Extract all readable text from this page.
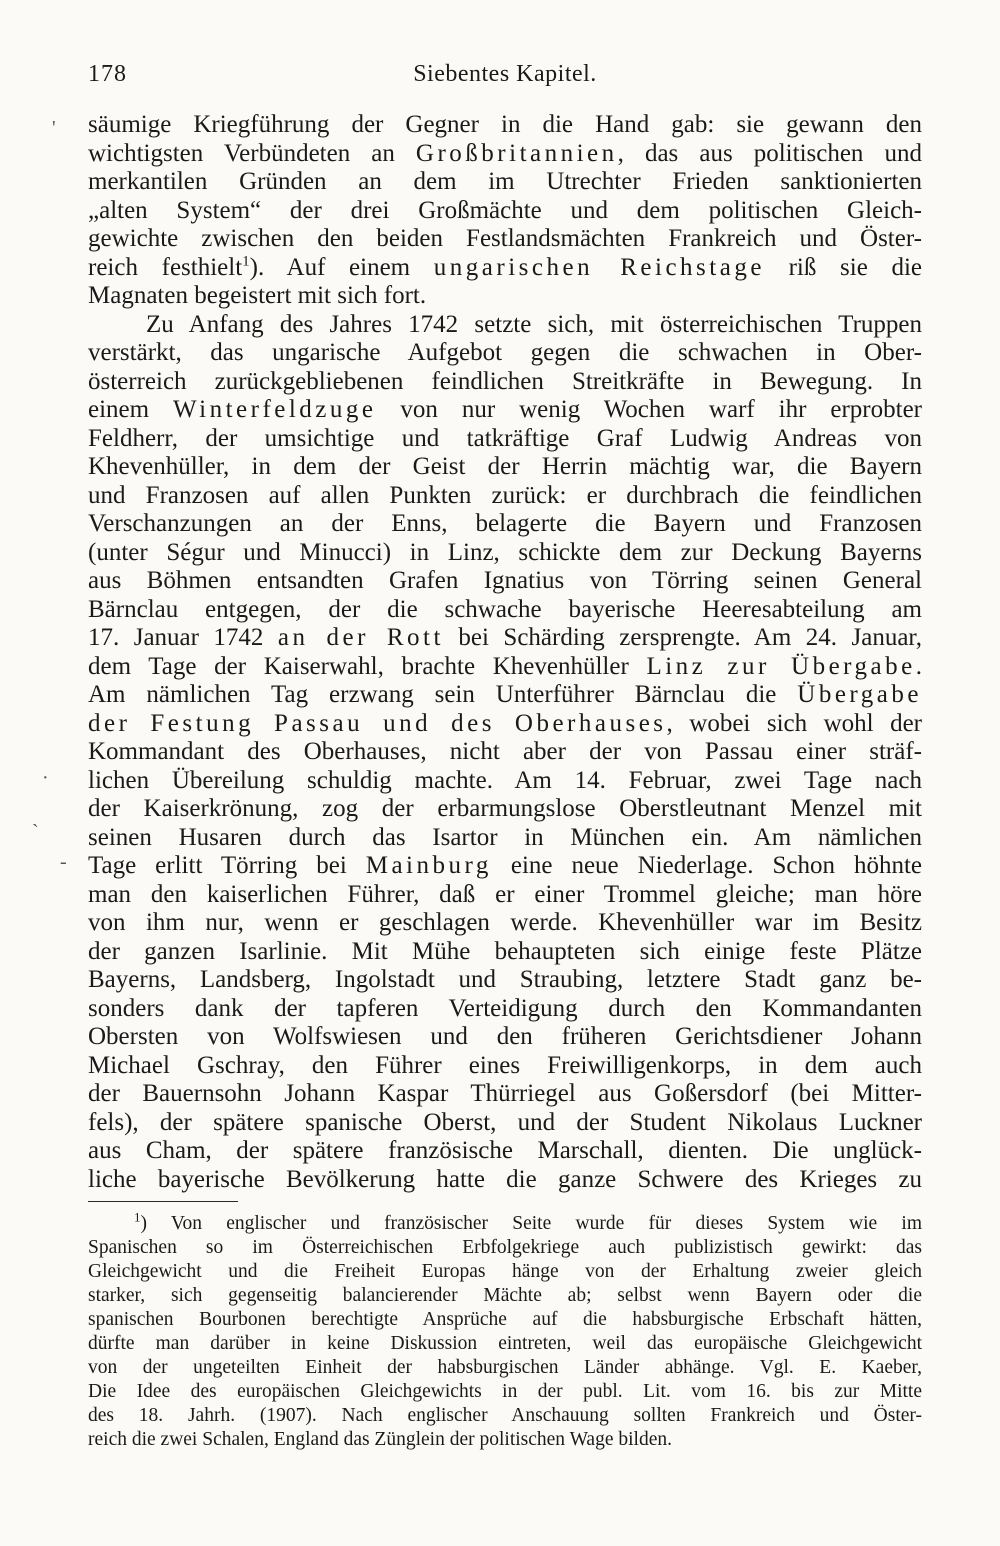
178	Siebentes Kapitel.
'
·
`
-
säumige Kriegführung der Gegner in die Hand gab: sie gewann den
wichtigsten Verbündeten an Großbritannien, das aus politischen und
merkantilen Gründen an dem im Utrechter Frieden sanktionierten
„alten System“ der drei Großmächte und dem politischen Gleich-
gewichte zwischen den beiden Festlandsmächten Frankreich und Öster-
reich festhielt$^1$). Auf einem ungarischen Reichstage riß sie die
Magnaten begeistert mit sich fort.
Zu Anfang des Jahres 1742 setzte sich, mit österreichischen Truppen
verstärkt, das ungarische Aufgebot gegen die schwachen in Ober-
österreich zurückgebliebenen feindlichen Streitkräfte in Bewegung. In
einem Winterfeldzuge von nur wenig Wochen warf ihr erprobter
Feldherr, der umsichtige und tatkräftige Graf Ludwig Andreas von
Khevenhüller, in dem der Geist der Herrin mächtig war, die Bayern
und Franzosen auf allen Punkten zurück: er durchbrach die feindlichen
Verschanzungen an der Enns, belagerte die Bayern und Franzosen
(unter Ségur und Minucci) in Linz, schickte dem zur Deckung Bayerns
aus Böhmen entsandten Grafen Ignatius von Törring seinen General
Bärnclau entgegen, der die schwache bayerische Heeresabteilung am
17. Januar 1742 an der Rott bei Schärding zersprengte. Am 24. Januar,
dem Tage der Kaiserwahl, brachte Khevenhüller Linz zur Übergabe.
Am nämlichen Tag erzwang sein Unterführer Bärnclau die Übergabe
der Festung Passau und des Oberhauses, wobei sich wohl der
Kommandant des Oberhauses, nicht aber der von Passau einer sträf-
lichen Übereilung schuldig machte. Am 14. Februar, zwei Tage nach
der Kaiserkrönung, zog der erbarmungslose Oberstleutnant Menzel mit
seinen Husaren durch das Isartor in München ein. Am nämlichen
Tage erlitt Törring bei Mainburg eine neue Niederlage. Schon höhnte
man den kaiserlichen Führer, daß er einer Trommel gleiche; man höre
von ihm nur, wenn er geschlagen werde. Khevenhüller war im Besitz
der ganzen Isarlinie. Mit Mühe behaupteten sich einige feste Plätze
Bayerns, Landsberg, Ingolstadt und Straubing, letztere Stadt ganz be-
sonders dank der tapferen Verteidigung durch den Kommandanten
Obersten von Wolfswiesen und den früheren Gerichtsdiener Johann
Michael Gschray, den Führer eines Freiwilligenkorps, in dem auch
der Bauernsohn Johann Kaspar Thürriegel aus Goßersdorf (bei Mitter-
fels), der spätere spanische Oberst, und der Student Nikolaus Luckner
aus Cham, der spätere französische Marschall, dienten. Die unglück-
liche bayerische Bevölkerung hatte die ganze Schwere des Krieges zu
$^1$) Von englischer und französischer Seite wurde für dieses System wie im
Spanischen so im Österreichischen Erbfolgekriege auch publizistisch gewirkt: das
Gleichgewicht und die Freiheit Europas hänge von der Erhaltung zweier gleich
starker, sich gegenseitig balancierender Mächte ab; selbst wenn Bayern oder die
spanischen Bourbonen berechtigte Ansprüche auf die habsburgische Erbschaft hätten,
dürfte man darüber in keine Diskussion eintreten, weil das europäische Gleichgewicht
von der ungeteilten Einheit der habsburgischen Länder abhänge. Vgl. E. Kaeber,
Die Idee des europäischen Gleichgewichts in der publ. Lit. vom 16. bis zur Mitte
des 18. Jahrh. (1907). Nach englischer Anschauung sollten Frankreich und Öster-
reich die zwei Schalen, England das Zünglein der politischen Wage bilden.
